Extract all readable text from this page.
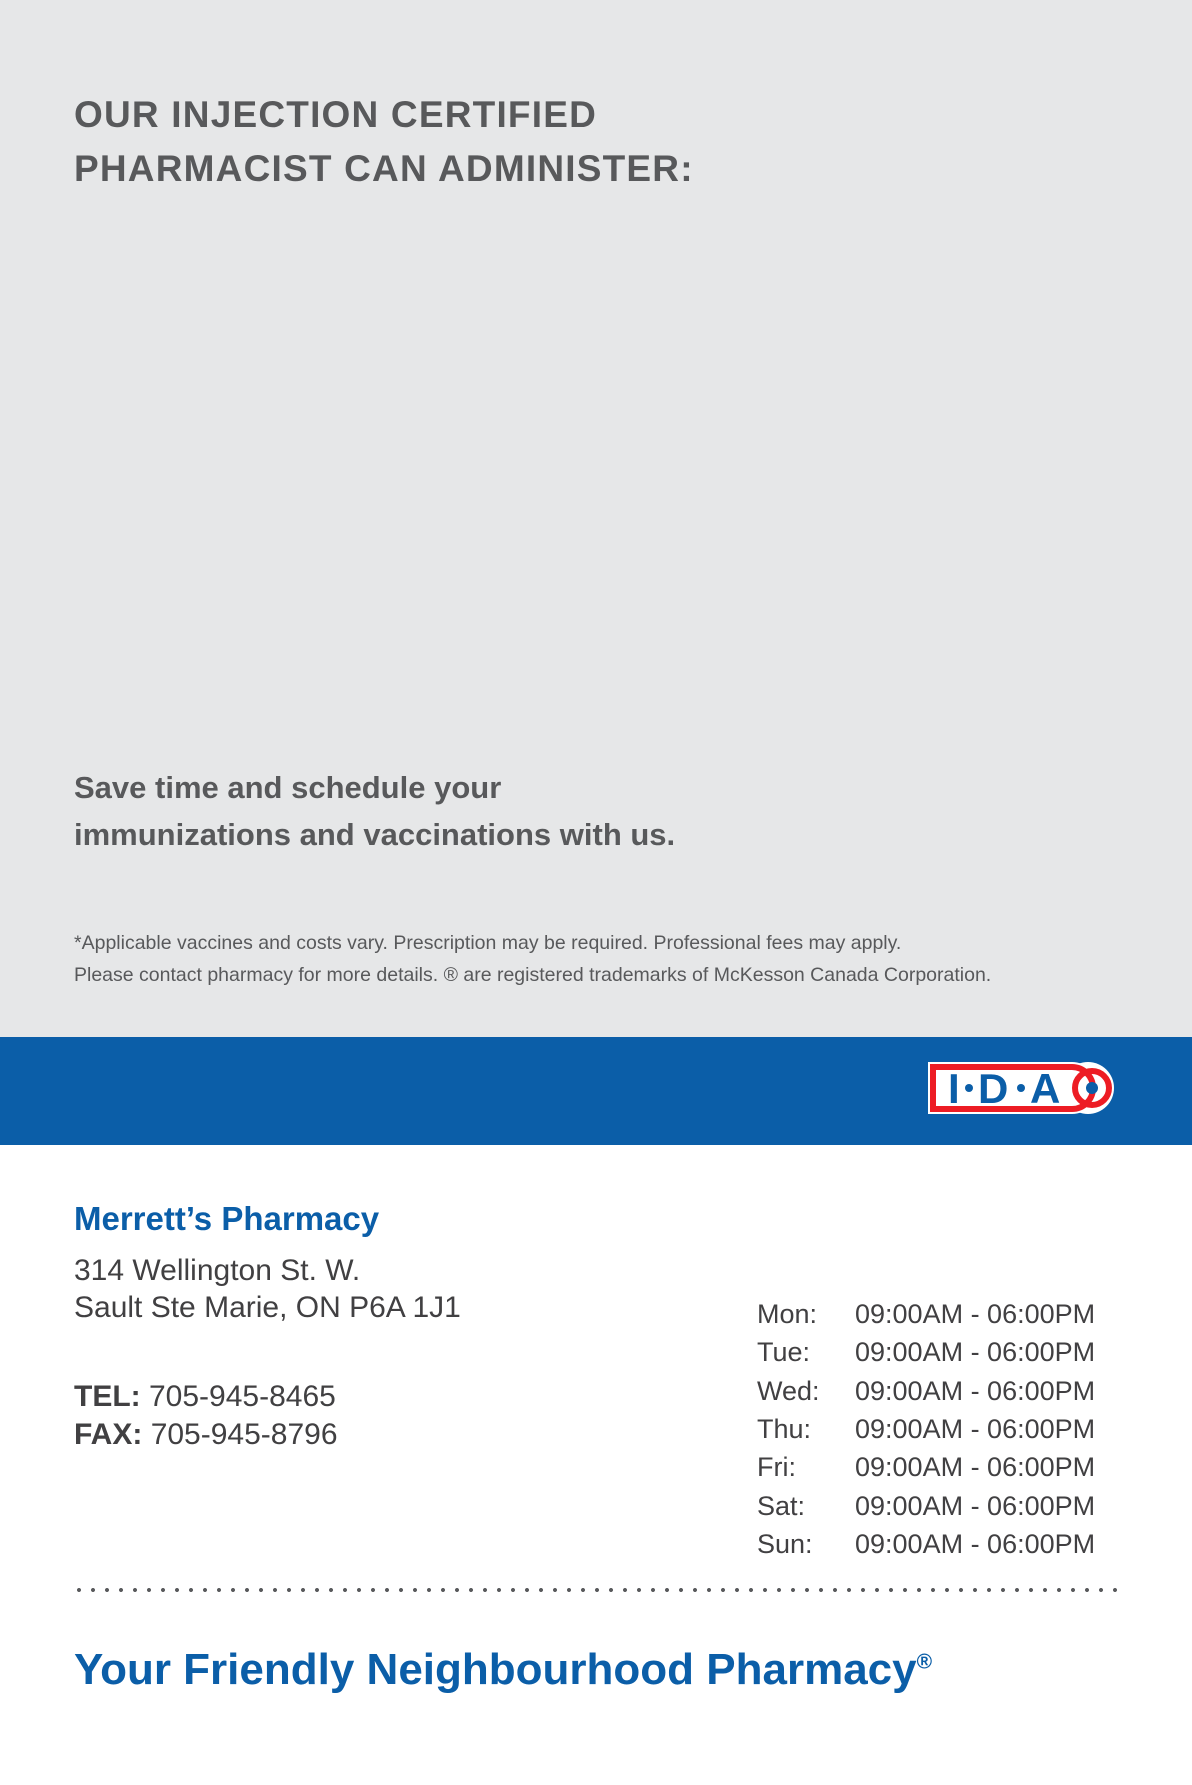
OUR INJECTION CERTIFIED
PHARMACIST CAN ADMINISTER:
Save time and schedule your
immunizations and vaccinations with us.
*Applicable vaccines and costs vary. Prescription may be required. Professional fees may apply.
Please contact pharmacy for more details. ® are registered trademarks of McKesson Canada Corporation.
I D A
Merrett’s Pharmacy
314 Wellington St. W.
Sault Ste Marie, ON P6A 1J1
TEL: 705-945-8465
FAX: 705-945-8796
Mon:	09:00AM - 06:00PM
Tue:	09:00AM - 06:00PM
Wed:	09:00AM - 06:00PM
Thu:	09:00AM - 06:00PM
Fri:	09:00AM - 06:00PM
Sat:	09:00AM - 06:00PM
Sun:	09:00AM - 06:00PM
Your Friendly Neighbourhood Pharmacy®
